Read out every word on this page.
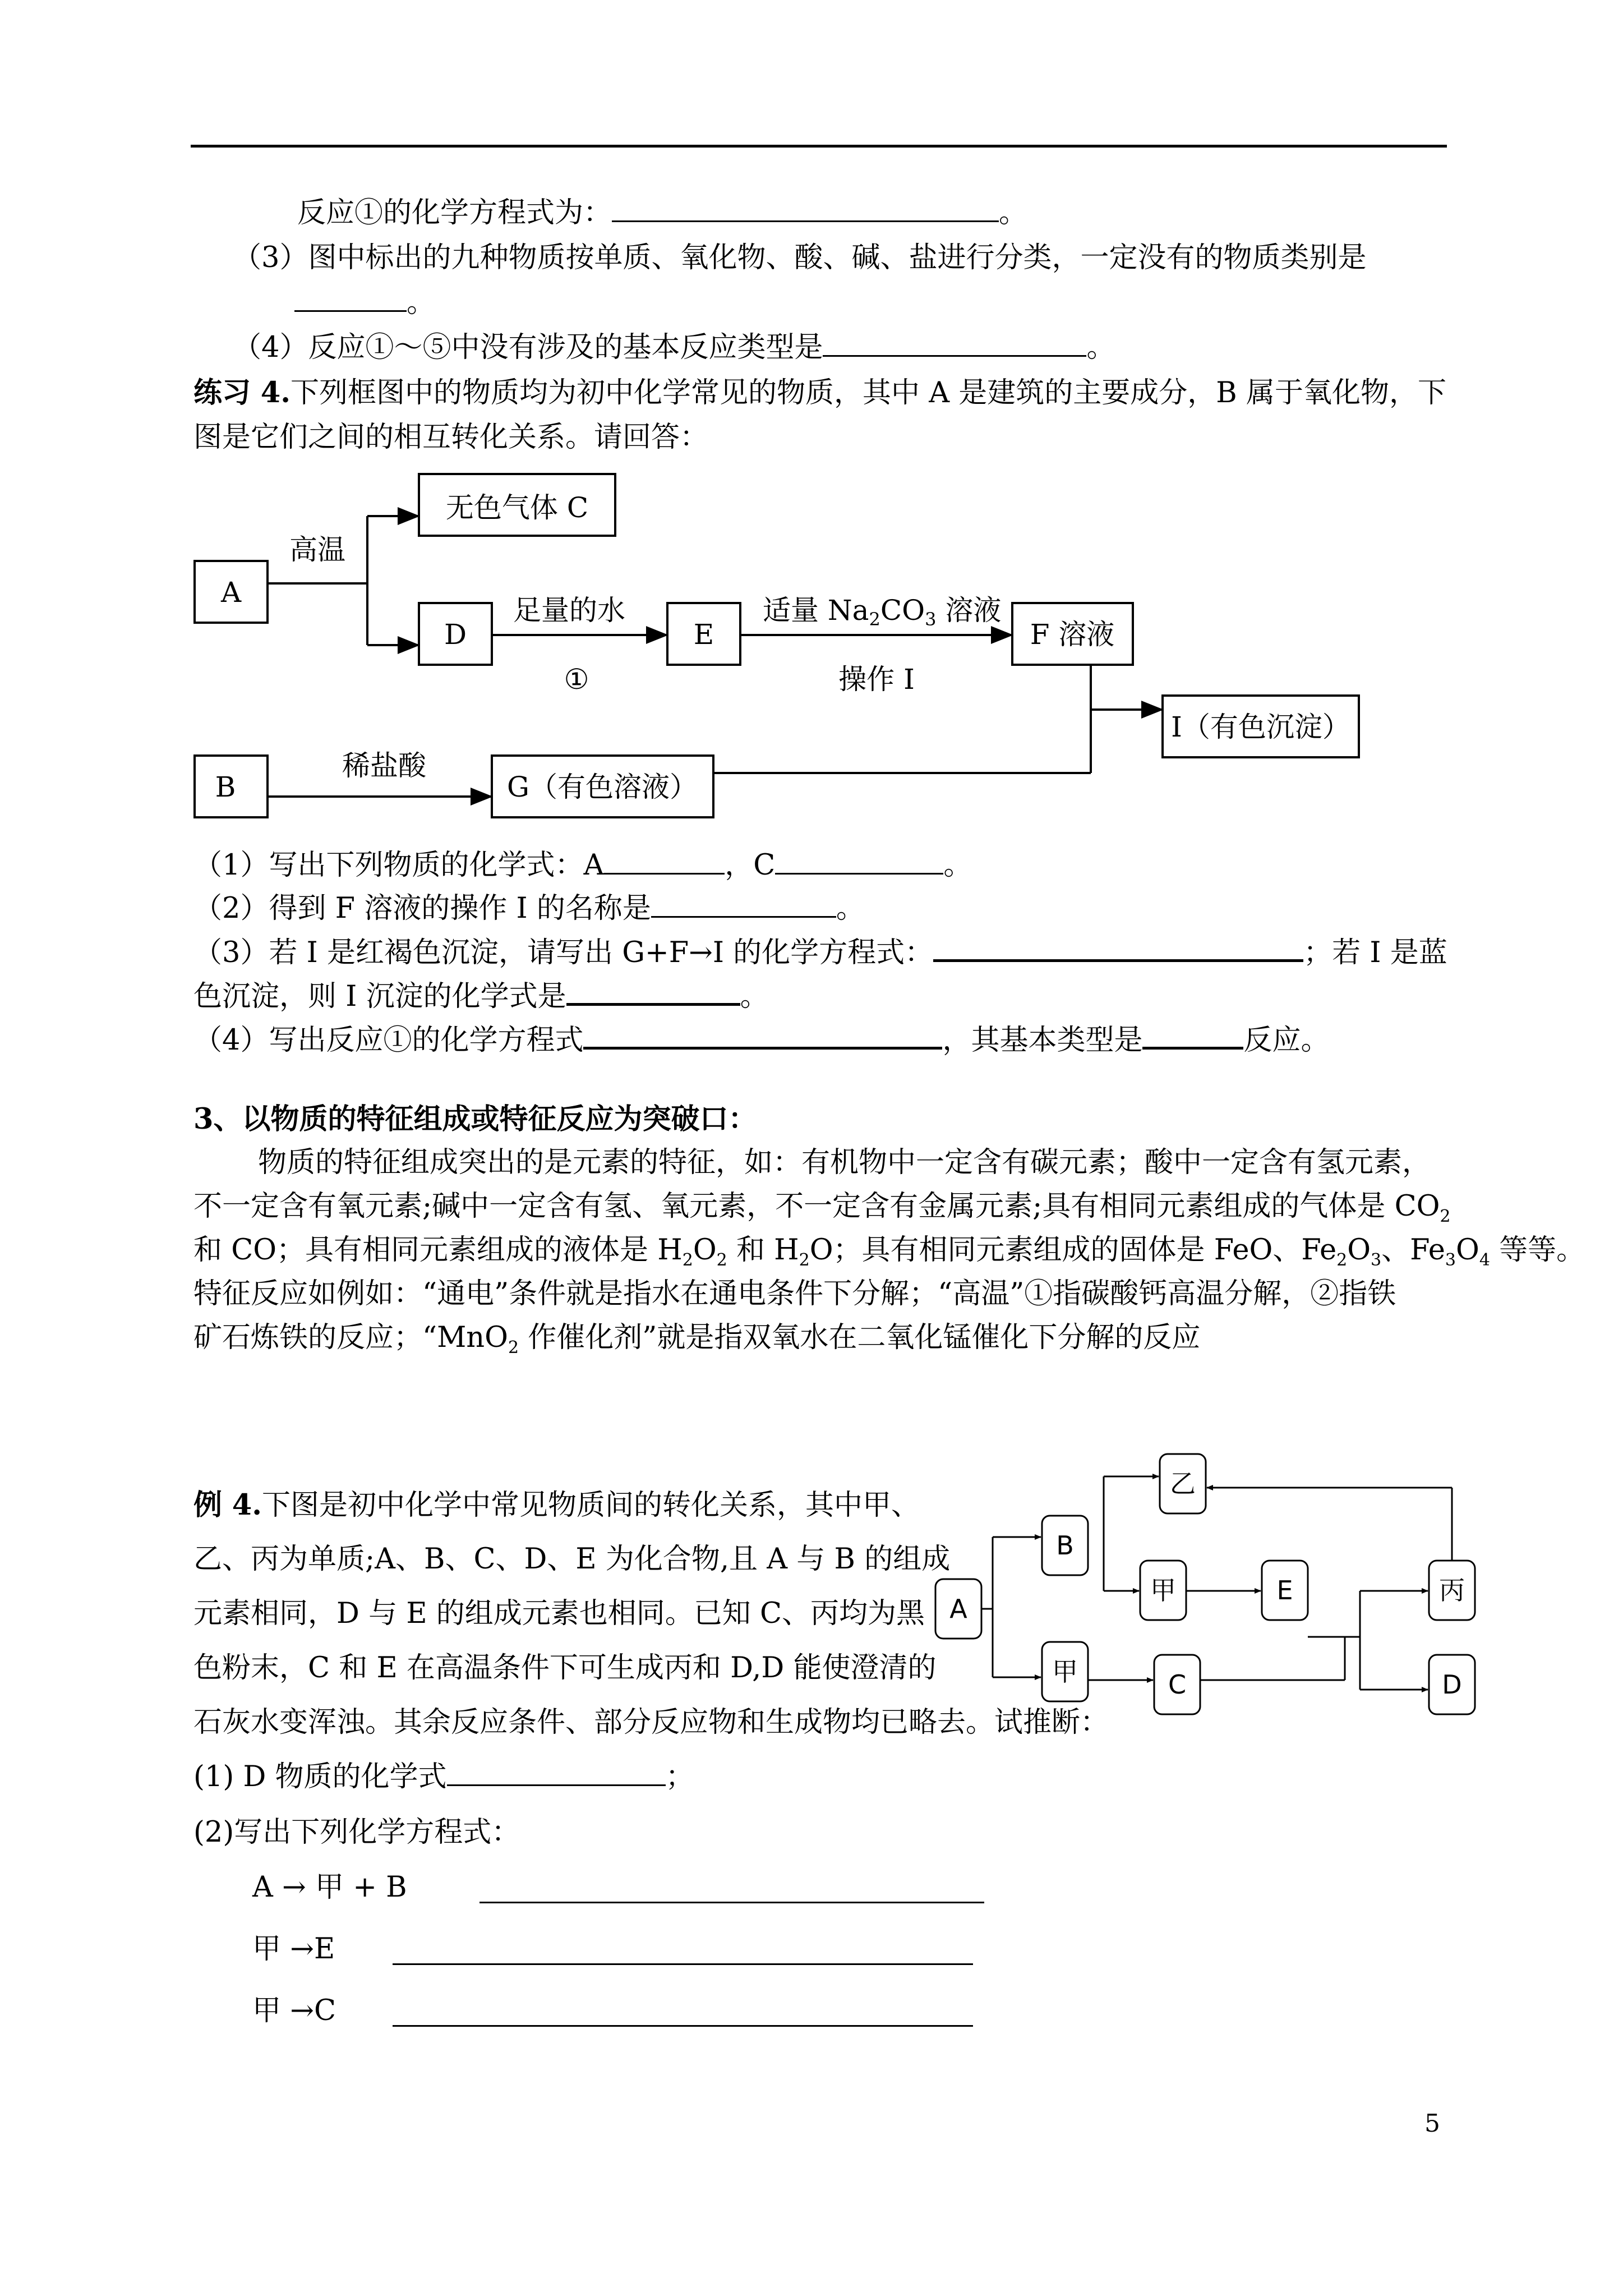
反应①的化学方程式为：	。
（3）图中标出的九种物质按单质、氧化物、酸、碱、盐进行分类，一定没有的物质类别是
。
（4）反应①～⑤中没有涉及的基本反应类型是	。
练习 4.下列框图中的物质均为初中化学常见的物质，其中 A 是建筑的主要成分，B 属于氧化物，下
图是它们之间的相互转化关系。请回答：
A
无色气体 C
D	E	F 溶液
I（有色沉淀）
B	G（有色溶液）
高温
足量的水
①
适量 $Na_2CO_3$ 溶液
操作 I
稀盐酸
（1）写出下列物质的化学式：A	，C	。
（2）得到 F 溶液的操作 I 的名称是	。
（3）若 I 是红褐色沉淀，请写出 G+F→I 的化学方程式：	；若 I 是蓝
色沉淀，则 I 沉淀的化学式是	。
（4）写出反应①的化学方程式	，其基本类型是	反应。
3、以物质的特征组成或特征反应为突破口：
物质的特征组成突出的是元素的特征，如：有机物中一定含有碳元素；酸中一定含有氢元素，
不一定含有氧元素;碱中一定含有氢、氧元素，不一定含有金属元素;具有相同元素组成的气体是 $CO_2$
和 CO；具有相同元素组成的液体是 $H_2O_2$ 和 $H_2O$；具有相同元素组成的固体是 FeO、$Fe_2O_3$、$Fe_3O_4$ 等等。
特征反应如例如：“通电”条件就是指水在通电条件下分解；“高温”①指碳酸钙高温分解，②指铁
矿石炼铁的反应；“MnO$_2$ 作催化剂”就是指双氧水在二氧化锰催化下分解的反应
例 4.下图是初中化学中常见物质间的转化关系，其中甲、
乙、丙为单质;A、B、C、D、E 为化合物,且 A 与 B 的组成
元素相同，D 与 E 的组成元素也相同。已知 C、丙均为黑
色粉末，C 和 E 在高温条件下可生成丙和 D,D 能使澄清的
石灰水变浑浊。其余反应条件、部分反应物和生成物均已略去。试推断：
(1) D 物质的化学式	；
(2)写出下列化学方程式：
A → 甲 + B
甲 →E
甲 →C
A
B
乙
甲	E	丙
甲	C	D
5
